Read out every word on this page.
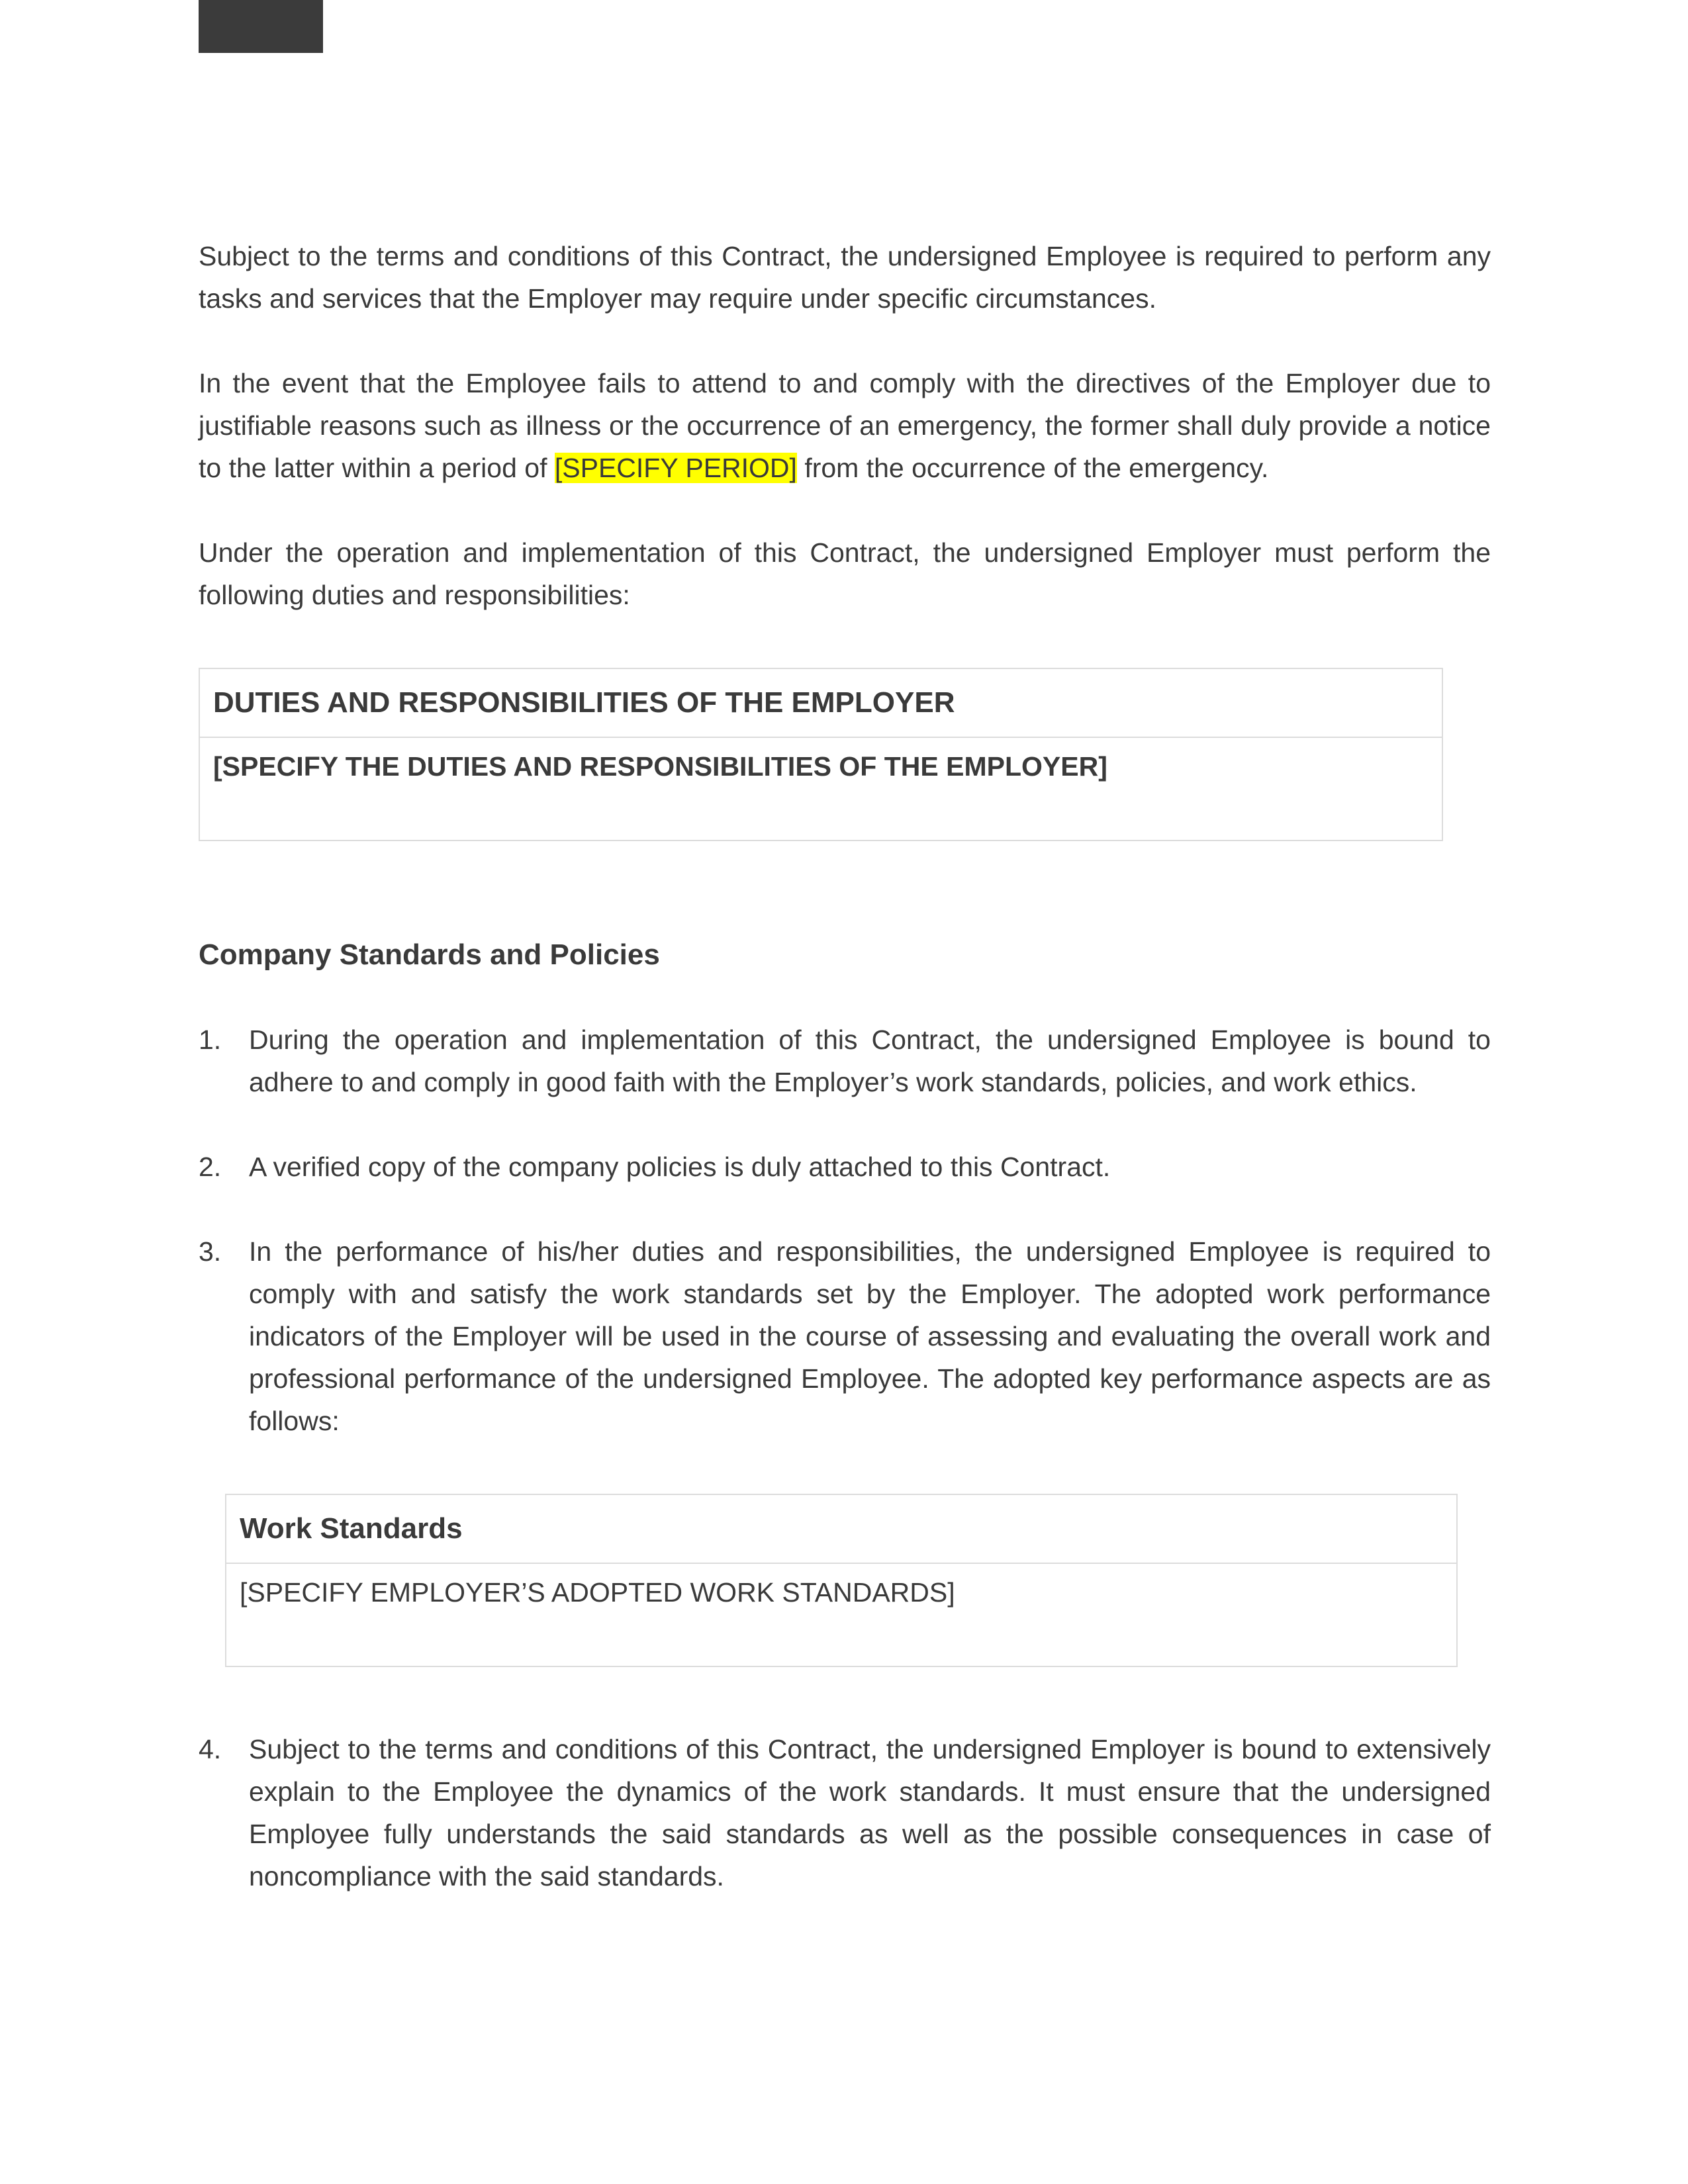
Subject to the terms and conditions of this Contract, the undersigned Employee is required to perform any tasks and services that the Employer may require under specific circumstances.

In the event that the Employee fails to attend to and comply with the directives of the Employer due to justifiable reasons such as illness or the occurrence of an emergency, the former shall duly provide a notice to the latter within a period of [SPECIFY PERIOD] from the occurrence of the emergency.

Under the operation and implementation of this Contract, the undersigned Employer must perform the following duties and responsibilities:

DUTIES AND RESPONSIBILITIES OF THE EMPLOYER
[SPECIFY THE DUTIES AND RESPONSIBILITIES OF THE EMPLOYER]
Company Standards and Policies
1.	During the operation and implementation of this Contract, the undersigned Employee is bound to adhere to and comply in good faith with the Employer’s work standards, policies, and work ethics.
2.	A verified copy of the company policies is duly attached to this Contract.
3.	In the performance of his/her duties and responsibilities, the undersigned Employee is required to comply with and satisfy the work standards set by the Employer. The adopted work performance indicators of the Employer will be used in the course of assessing and evaluating the overall work and professional performance of the undersigned Employee. The adopted key performance aspects are as follows:
Work Standards
[SPECIFY EMPLOYER’S ADOPTED WORK STANDARDS]
4.	Subject to the terms and conditions of this Contract, the undersigned Employer is bound to extensively explain to the Employee the dynamics of the work standards. It must ensure that the undersigned Employee fully understands the said standards as well as the possible consequences in case of noncompliance with the said standards.
